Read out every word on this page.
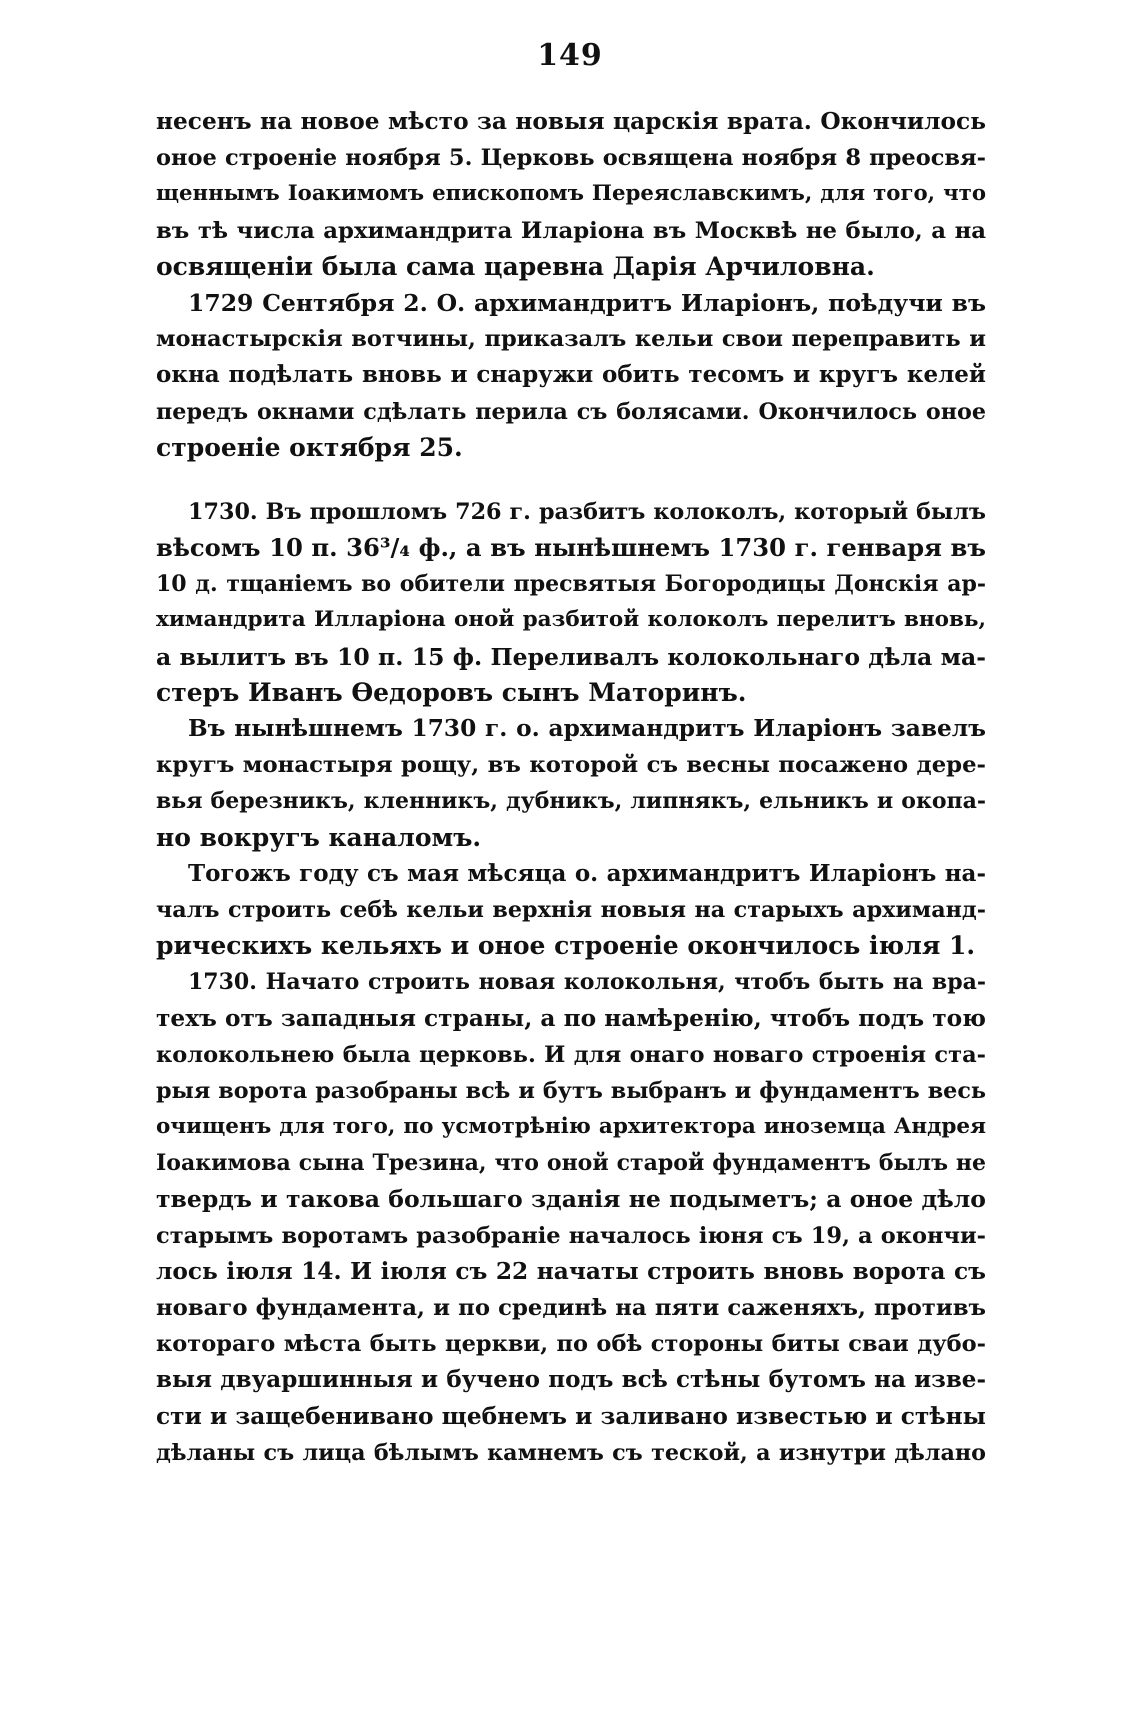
149
несенъ на новое мѣсто за новыя царскія врата. Окончилось
оное строеніе ноября 5. Церковь освящена ноября 8 преосвя-
щеннымъ Іоакимомъ епископомъ Переяславскимъ, для того, что
въ тѣ числа архимандрита Иларіона въ Москвѣ не было, а на
освященіи была сама царевна Дарія Арчиловна.
1729 Сентября 2. О. архимандритъ Иларіонъ, поѣдучи въ
монастырскія вотчины, приказалъ кельи свои переправить и
окна подѣлать вновь и снаружи обить тесомъ и кругъ келей
передъ окнами сдѣлать перила съ болясами. Окончилось оное
строеніе октября 25.
1730. Въ прошломъ 726 г. разбитъ колоколъ, который былъ
вѣсомъ 10 п. 36³/₄ ф., а въ нынѣшнемъ 1730 г. генваря въ
10 д. тщаніемъ во обители пресвятыя Богородицы Донскія ар-
химандрита Илларіона оной разбитой колоколъ перелитъ вновь,
а вылитъ въ 10 п. 15 ф. Переливалъ колокольнаго дѣла ма-
стеръ Иванъ Ѳедоровъ сынъ Маторинъ.
Въ нынѣшнемъ 1730 г. о. архимандритъ Иларіонъ завелъ
кругъ монастыря рощу, въ которой съ весны посажено дере-
вья березникъ, кленникъ, дубникъ, липнякъ, ельникъ и окопа-
но вокругъ каналомъ.
Тогожъ году съ мая мѣсяца о. архимандритъ Иларіонъ на-
чалъ строить себѣ кельи верхнія новыя на старыхъ архиманд-
рическихъ кельяхъ и оное строеніе окончилось іюля 1.
1730. Начато строить новая колокольня, чтобъ быть на вра-
техъ отъ западныя страны, а по намѣренію, чтобъ подъ тою
колокольнею была церковь. И для онаго новаго строенія ста-
рыя ворота разобраны всѣ и бутъ выбранъ и фундаментъ весь
очищенъ для того, по усмотрѣнію архитектора иноземца Андрея
Іоакимова сына Трезина, что оной старой фундаментъ былъ не
твердъ и такова большаго зданія не подыметъ; а оное дѣло
старымъ воротамъ разобраніе началось іюня съ 19, а окончи-
лось іюля 14. И іюля съ 22 начаты строить вновь ворота съ
новаго фундамента, и по срединѣ на пяти саженяхъ, противъ
котораго мѣста быть церкви, по обѣ стороны биты сваи дубо-
выя двуаршинныя и бучено подъ всѣ стѣны бутомъ на изве-
сти и защебенивано щебнемъ и заливано известью и стѣны
дѣланы съ лица бѣлымъ камнемъ съ теской, а изнутри дѣлано
